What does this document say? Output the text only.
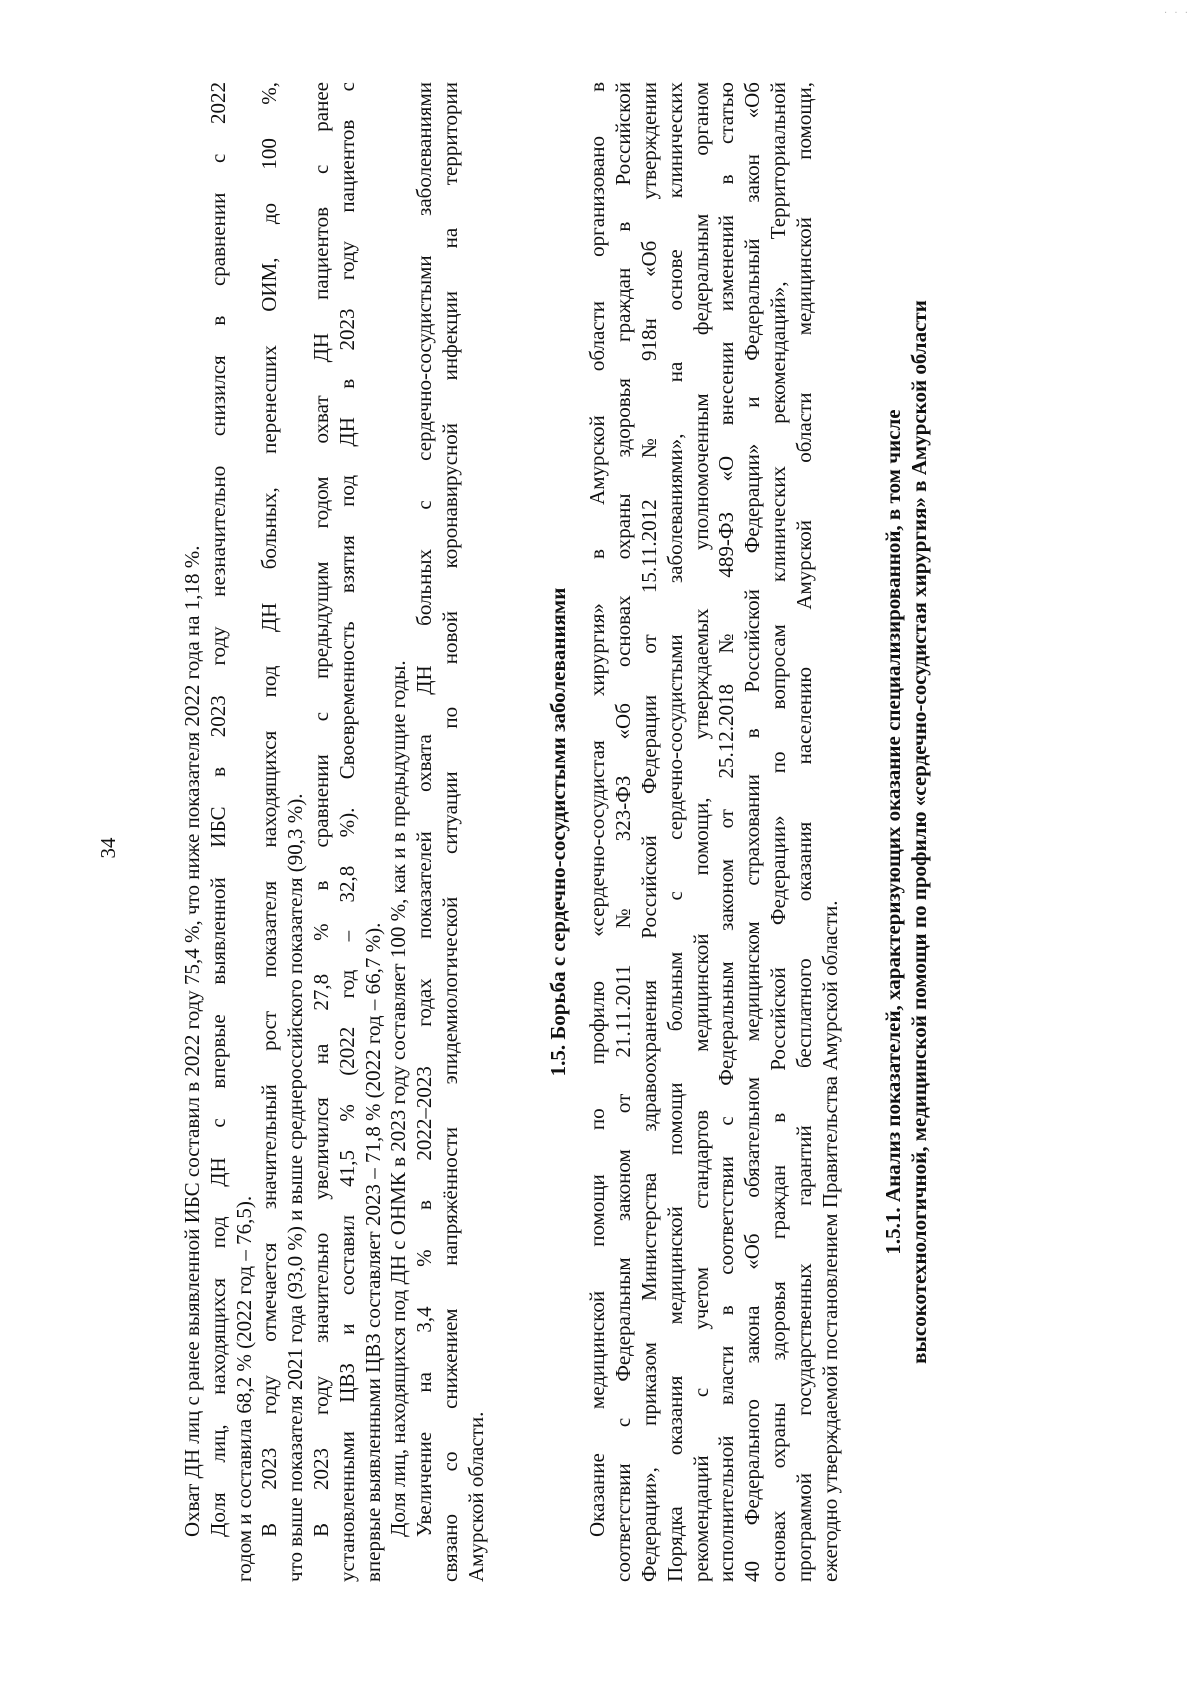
· · ·
34	Охват ДН лиц с ранее выявленной ИБС составил в 2022 году 75,4 %, что ниже показателя 2022 года на 1,18 %. Доля лиц, находящихся под ДН с впервые выявленной ИБС в 2023 году незначительно снизился в сравнении с 2022 годом и составила 68,2 % (2022 год – 76,5). В 2023 году отмечается значительный рост показателя находящихся под ДН больных, перенесших ОИМ, до 100 %, что выше показателя 2021 года (93,0 %) и выше среднероссийского показателя (90,3 %). В 2023 году значительно увеличился на 27,8 % в сравнении с предыдущим годом охват ДН пациентов с ранее установленными ЦВЗ и составил 41,5 % (2022 год – 32,8 %). Своевременность взятия под ДН в 2023 году пациентов с впервые выявленными ЦВЗ составляет 2023 – 71,8 % (2022 год – 66,7 %). Доля лиц, находящихся под ДН с ОНМК в 2023 году составляет 100 %, как и в предыдущие годы. Увеличение на 3,4 % в 2022–2023 годах показателей охвата ДН больных с сердечно-сосудистыми заболеваниями связано со снижением напряжённости эпидемиологической ситуации по новой коронавирусной инфекции на территории Амурской области.
1.5. Борьба с сердечно-сосудистыми заболеваниями Оказание медицинской помощи по профилю «сердечно-сосудистая хирургия» в Амурской области организовано в соответствии с Федеральным законом от 21.11.2011 № 323-ФЗ «Об основах охраны здоровья граждан в Российской Федерации», приказом Министерства здравоохранения Российской Федерации от 15.11.2012 № 918н «Об утверждении Порядка оказания медицинской помощи больным с сердечно-сосудистыми заболеваниями», на основе клинических рекомендаций с учетом стандартов медицинской помощи, утверждаемых уполномоченным федеральным органом исполнительной власти в соответствии с Федеральным законом от 25.12.2018 № 489-ФЗ «О внесении изменений в статью 40 Федерального закона «Об обязательном медицинском страховании в Российской Федерации» и Федеральный закон «Об основах охраны здоровья граждан в Российской Федерации» по вопросам клинических рекомендаций», Территориальной программой государственных гарантий бесплатного оказания населению Амурской области медицинской помощи, ежегодно утверждаемой постановлением Правительства Амурской области. 1.5.1. Анализ показателей, характеризующих оказание специализированной, в том числе высокотехнологичной, медицинской помощи по профилю «сердечно-сосудистая хирургия» в Амурской области
